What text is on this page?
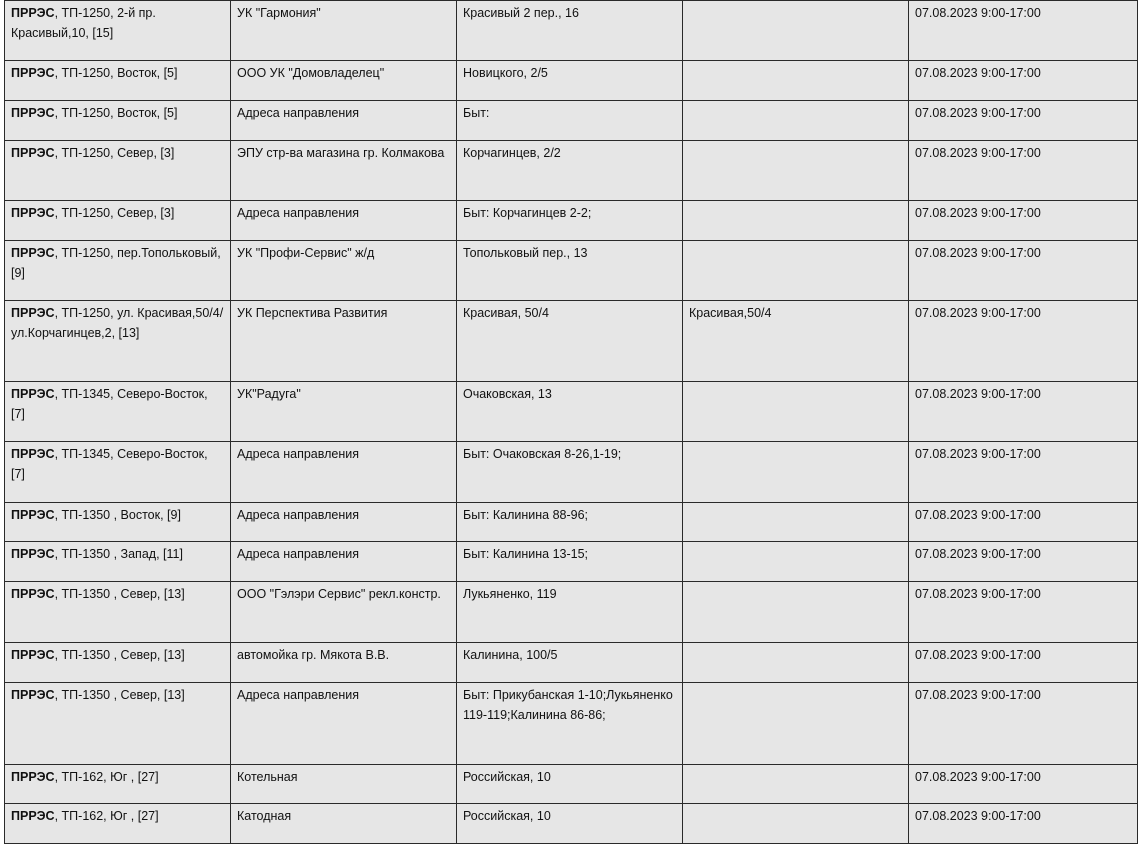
ПРРЭС, ТП-1250, 2-й пр. Красивый,10, [15]	УК "Гармония"	Красивый 2 пер., 16		07.08.2023 9:00-17:00
ПРРЭС, ТП-1250, Восток, [5]	ООО УК "Домовладелец"	Новицкого, 2/5		07.08.2023 9:00-17:00
ПРРЭС, ТП-1250, Восток, [5]	Адреса направления	Быт:		07.08.2023 9:00-17:00
ПРРЭС, ТП-1250, Север, [3]	ЭПУ стр-ва магазина гр. Колмакова	Корчагинцев, 2/2		07.08.2023 9:00-17:00
ПРРЭС, ТП-1250, Север, [3]	Адреса направления	Быт: Корчагинцев 2-2;		07.08.2023 9:00-17:00
ПРРЭС, ТП-1250, пер.Топольковый, [9]	УК "Профи-Сервис" ж/д	Топольковый пер., 13		07.08.2023 9:00-17:00
ПРРЭС, ТП-1250, ул. Красивая,50/4/ ул.Корчагинцев,2, [13]	УК Перспектива Развития	Красивая, 50/4	Красивая,50/4	07.08.2023 9:00-17:00
ПРРЭС, ТП-1345, Северо-Восток, [7]	УК"Радуга"	Очаковская, 13		07.08.2023 9:00-17:00
ПРРЭС, ТП-1345, Северо-Восток, [7]	Адреса направления	Быт: Очаковская 8-26,1-19;		07.08.2023 9:00-17:00
ПРРЭС, ТП-1350 , Восток, [9]	Адреса направления	Быт: Калинина 88-96;		07.08.2023 9:00-17:00
ПРРЭС, ТП-1350 , Запад, [11]	Адреса направления	Быт: Калинина 13-15;		07.08.2023 9:00-17:00
ПРРЭС, ТП-1350 , Север, [13]	ООО "Гэлэри Сервис" рекл.констр.	Лукьяненко, 119		07.08.2023 9:00-17:00
ПРРЭС, ТП-1350 , Север, [13]	автомойка гр. Мякота В.В.	Калинина, 100/5		07.08.2023 9:00-17:00
ПРРЭС, ТП-1350 , Север, [13]	Адреса направления	Быт: Прикубанская 1-10;Лукьяненко 119-119;Калинина 86-86;		07.08.2023 9:00-17:00
ПРРЭС, ТП-162, Юг , [27]	Котельная	Российская, 10		07.08.2023 9:00-17:00
ПРРЭС, ТП-162, Юг , [27]	Катодная	Российская, 10		07.08.2023 9:00-17:00
